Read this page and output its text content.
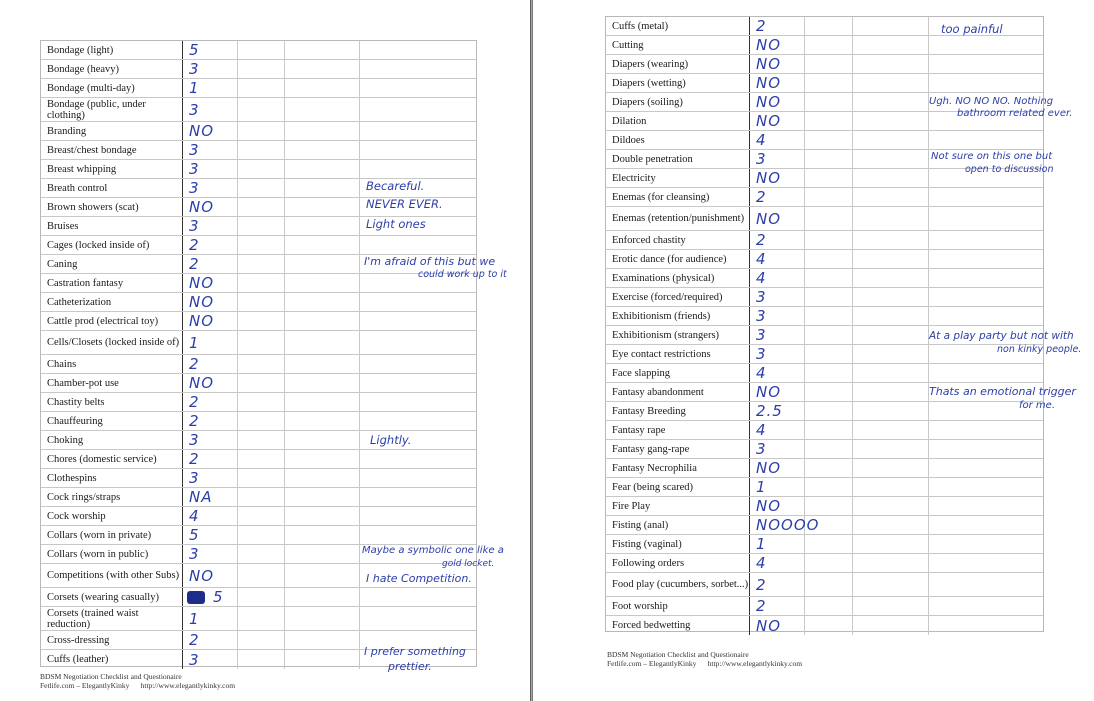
Bondage (light)	5
Bondage (heavy)	3
Bondage (multi-day)	1
Bondage (public, under clothing)	3
Branding	NO
Breast/chest bondage	3
Breast whipping	3
Breath control	3
Brown showers (scat)	NO
Bruises	3
Cages (locked inside of)	2
Caning	2
Castration fantasy	NO
Catheterization	NO
Cattle prod (electrical toy)	NO
Cells/Closets (locked inside of) 1
Chains	2
Chamber-pot use	NO
Chastity belts	2
Chauffeuring	2
Choking	3
Chores (domestic service)	2
Clothespins	3
Cock rings/straps	NA
Cock worship	4
Collars (worn in private)	5
Collars (worn in public)	3
Competitions (with other Subs) NO
Corsets (wearing casually)	5
Corsets (trained waist reduction)	1
Cross-dressing	2
Cuffs (leather)	3
Becareful.
NEVER EVER.
Light ones
I'm afraid of this but we
could work up to it
Lightly.
Maybe a symbolic one like a
gold locket.
I hate Competition.
I prefer something
prettier.
BDSM Negotiation Checklist and Questionaire
Fetlife.com – ElegantlyKinky      http://www.elegantlykinky.com
Cuffs (metal)	2
Cutting	NO
Diapers (wearing)	NO
Diapers (wetting)	NO
Diapers (soiling)	NO
Dilation	NO
Dildoes	4
Double penetration	3
Electricity	NO
Enemas (for cleansing)	2
Enemas (retention/punishment) NO
Enforced chastity	2
Erotic dance (for audience)	4
Examinations (physical)	4
Exercise (forced/required)	3
Exhibitionism (friends)	3
Exhibitionism (strangers)	3
Eye contact restrictions	3
Face slapping	4
Fantasy abandonment	NO
Fantasy Breeding	2.5
Fantasy rape	4
Fantasy gang-rape	3
Fantasy Necrophilia	NO
Fear (being scared)	1
Fire Play	NO
Fisting (anal)	NOOOO
Fisting (vaginal)	1
Following orders	4
Food play (cucumbers, sorbet...) 2
Foot worship	2
Forced bedwetting	NO
too painful
Ugh. NO NO NO. Nothing
bathroom related ever.
Not sure on this one but
open to discussion
At a play party but not with
non kinky people.
Thats an emotional trigger
for me.
BDSM Negotiation Checklist and Questionaire
Fetlife.com – ElegantlyKinky      http://www.elegantlykinky.com
